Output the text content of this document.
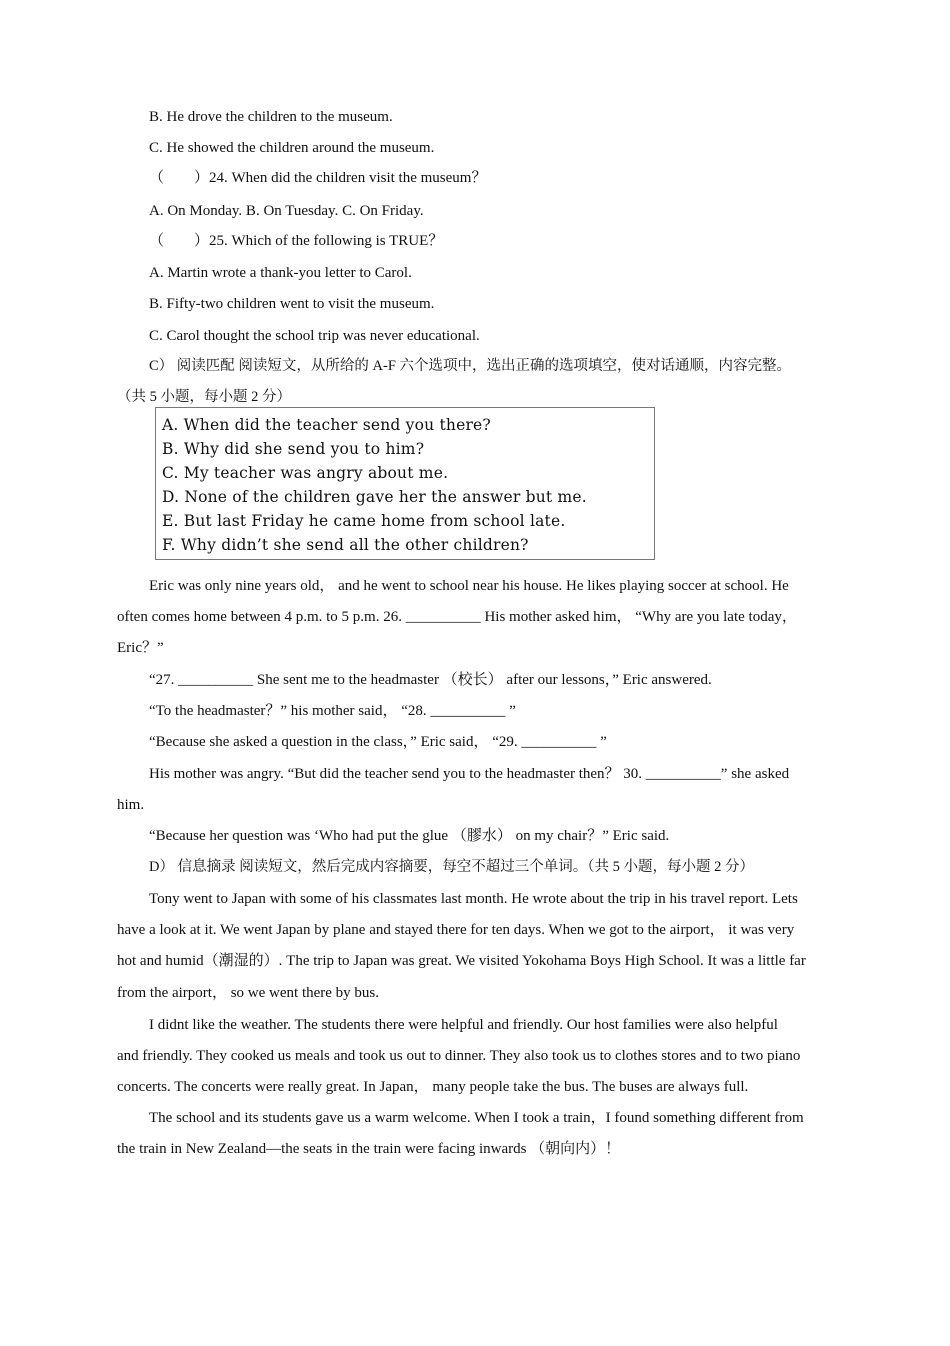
B. He drove the children to the museum.
C. He showed the children around the museum.
（　　）24. When did the children visit the museum？
A. On Monday. B. On Tuesday. C. On Friday.
（　　）25. Which of the following is TRUE？
A. Martin wrote a thank-you letter to Carol.
B. Fifty-two children went to visit the museum.
C. Carol thought the school trip was never educational.
C） 阅读匹配 阅读短文，从所给的 A-F 六个选项中，选出正确的选项填空，使对话通顺，内容完整。
（共 5 小题，每小题 2 分）
A. When did the teacher send you there?
B. Why did she send you to him?
C. My teacher was angry about me.
D. None of the children gave her the answer but me.
E. But last Friday he came home from school late.
F. Why didn’t she send all the other children?
Eric was only nine years old， and he went to school near his house. He likes playing soccer at school. He
often comes home between 4 p.m. to 5 p.m. 26. __________ His mother asked him， “Why are you late today，
Eric？”
“27. __________ She sent me to the headmaster （校长） after our lessons，” Eric answered.
“To the headmaster？” his mother said， “28. __________ ”
“Because she asked a question in the class，” Eric said， “29. __________ ”
His mother was angry. “But did the teacher send you to the headmaster then？ 30. __________” she asked
him.
“Because her question was ‘Who had put the glue （膠水） on my chair？” Eric said.
D） 信息摘录 阅读短文，然后完成内容摘要，每空不超过三个单词。（共 5 小题，每小题 2 分）
Tony went to Japan with some of his classmates last month. He wrote about the trip in his travel report. Lets
have a look at it. We went Japan by plane and stayed there for ten days. When we got to the airport， it was very
hot and humid（潮湿的）. The trip to Japan was great. We visited Yokohama Boys High School. It was a little far
from the airport， so we went there by bus.
I didnt like the weather. The students there were helpful and friendly. Our host families were also helpful
and friendly. They cooked us meals and took us out to dinner. They also took us to clothes stores and to two piano
concerts. The concerts were really great. In Japan， many people take the bus. The buses are always full.
The school and its students gave us a warm welcome. When I took a train，I found something different from
the train in New Zealand—the seats in the train were facing inwards （朝向内）！
